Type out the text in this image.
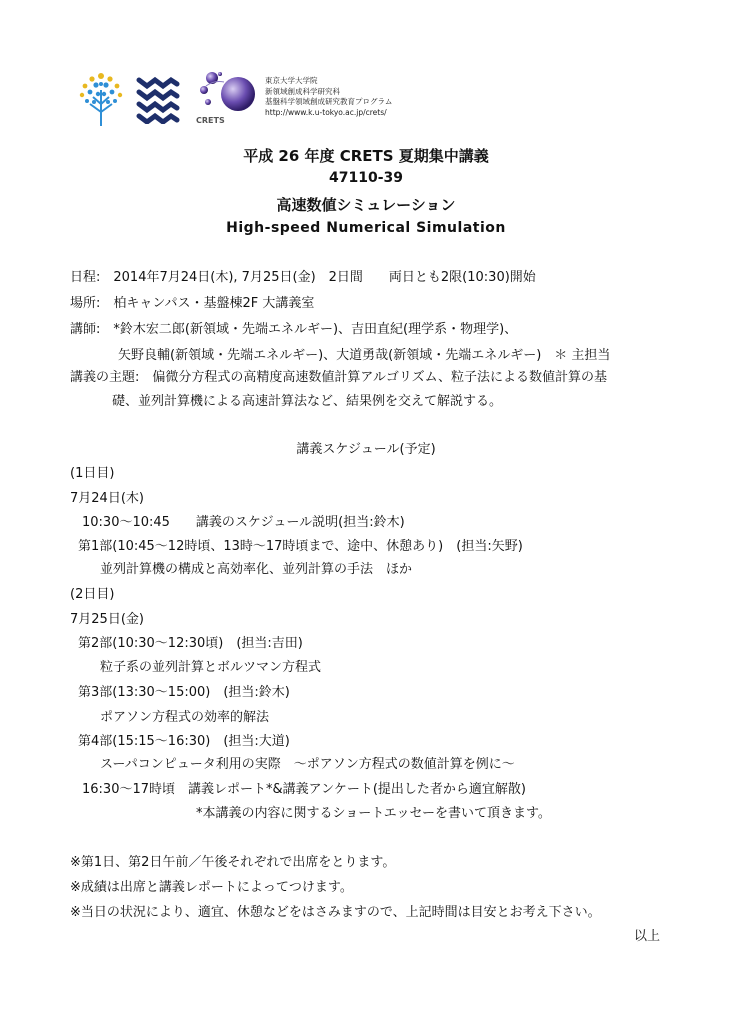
CRETS
東京大学大学院
新領域創成科学研究科
基盤科学領域創成研究教育プログラム
http://www.k.u-tokyo.ac.jp/crets/
平成 26 年度 CRETS 夏期集中講義
47110-39
高速数値シミュレーション
High-speed Numerical Simulation
日程:　2014年7月24日(木), 7月25日(金)　2日間　　両日とも2限(10:30)開始
場所:　柏キャンパス・基盤棟2F 大講義室
講師:　*鈴木宏二郎(新領域・先端エネルギー)、吉田直紀(理学系・物理学)、
矢野良輔(新領域・先端エネルギー)、大道勇哉(新領域・先端エネルギー)　＊ 主担当
講義の主題:　偏微分方程式の高精度高速数値計算アルゴリズム、粒子法による数値計算の基
礎、並列計算機による高速計算法など、結果例を交えて解説する。
講義スケジュール(予定)
(1日目)
7月24日(木)
10:30～10:45　　講義のスケジュール説明(担当:鈴木)
第1部(10:45～12時頃、13時～17時頃まで、途中、休憩あり)　(担当:矢野)
並列計算機の構成と高効率化、並列計算の手法　ほか
(2日目)
7月25日(金)
第2部(10:30～12:30頃)　(担当:吉田)
粒子系の並列計算とボルツマン方程式
第3部(13:30～15:00)　(担当:鈴木)
ポアソン方程式の効率的解法
第4部(15:15～16:30)　(担当:大道)
スーパコンピュータ利用の実際　～ポアソン方程式の数値計算を例に～
16:30～17時頃　講義レポート*&講義アンケート(提出した者から適宜解散)
*本講義の内容に関するショートエッセーを書いて頂きます。
※第1日、第2日午前／午後それぞれで出席をとります。
※成績は出席と講義レポートによってつけます。
※当日の状況により、適宜、休憩などをはさみますので、上記時間は目安とお考え下さい。
以上
